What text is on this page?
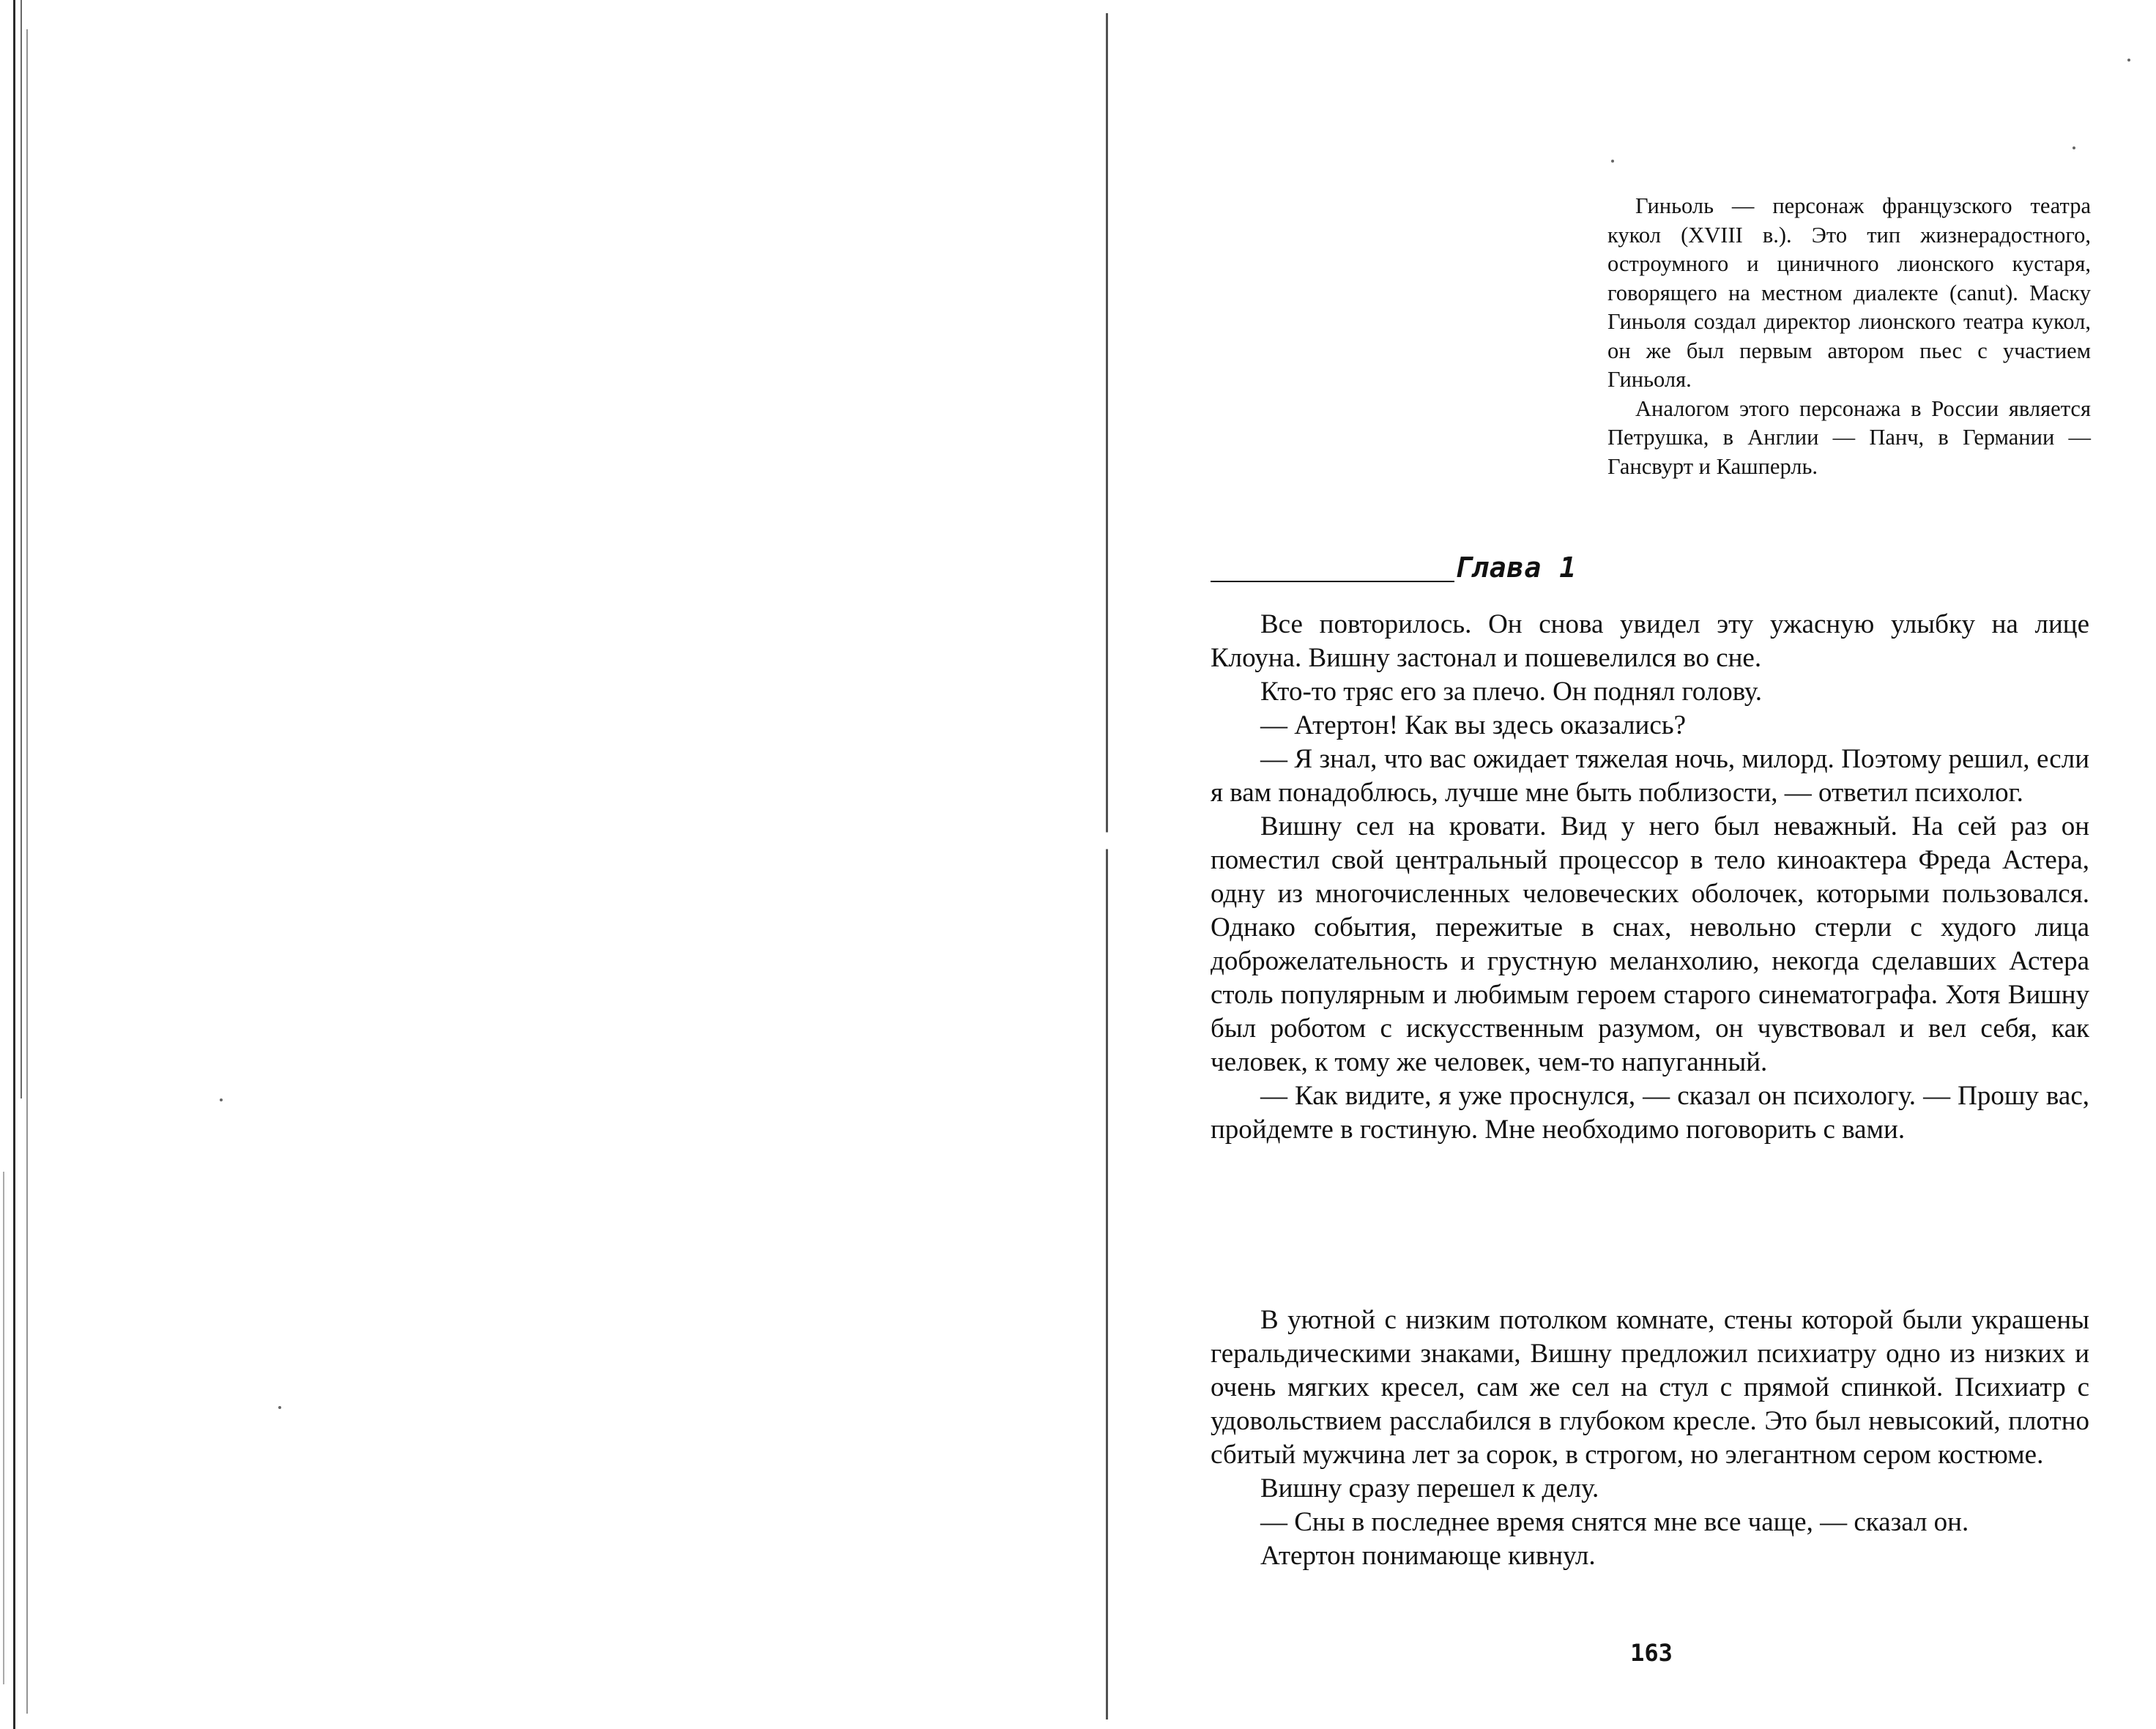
Гиньоль — персонаж французского театра кукол (XVIII в.). Это тип жизнерадостного, остроумного и циничного лионского кустаря, говорящего на местном диалекте (canut). Маску Гиньоля создал директор лионского театра кукол, он же был первым автором пьес с участием Гиньоля.

Аналогом этого персонажа в России является Петрушка, в Англии — Панч, в Германии — Гансвурт и Кашперль.

Глава 1

Все повторилось. Он снова увидел эту ужасную улыбку на лице Клоуна. Вишну застонал и пошевелился во сне.

Кто-то тряс его за плечо. Он поднял голову.

— Атертон! Как вы здесь оказались?

— Я знал, что вас ожидает тяжелая ночь, милорд. Поэтому решил, если я вам понадоблюсь, лучше мне быть поблизости, — ответил психолог.

Вишну сел на кровати. Вид у него был неважный. На сей раз он поместил свой центральный процессор в тело киноактера Фреда Астера, одну из многочисленных человеческих оболочек, которыми пользовался. Однако события, пережитые в снах, невольно стерли с худого лица доброжелательность и грустную меланхолию, некогда сделавших Астера столь популярным и любимым героем старого синематографа. Хотя Вишну был роботом с искусственным разумом, он чувствовал и вел себя, как человек, к тому же человек, чем-то напуганный.

— Как видите, я уже проснулся, — сказал он психологу. — Прошу вас, пройдемте в гостиную. Мне необходимо поговорить с вами.

В уютной с низким потолком комнате, стены которой были украшены геральдическими знаками, Вишну предложил психиатру одно из низких и очень мягких кресел, сам же сел на стул с прямой спинкой. Психиатр с удовольствием расслабился в глубоком кресле. Это был невысокий, плотно сбитый мужчина лет за сорок, в строгом, но элегантном сером костюме.

Вишну сразу перешел к делу.

— Сны в последнее время снятся мне все чаще, — сказал он.

Атертон понимающе кивнул.

163
